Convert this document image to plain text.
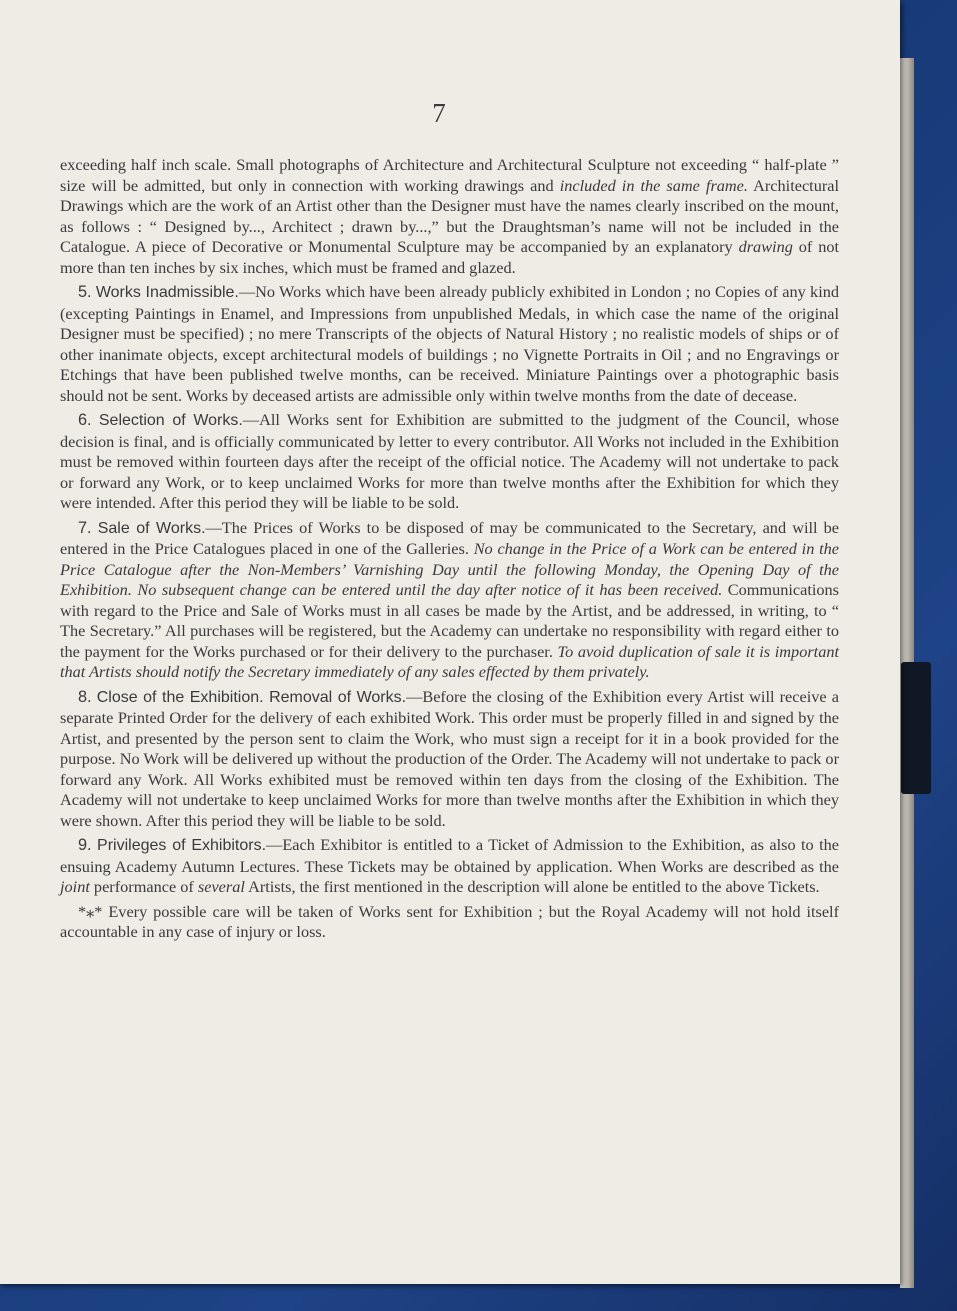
7

exceeding half inch scale. Small photographs of Architecture and Architectural Sculpture not exceeding “ half-plate ” size will be admitted, but only in connection with working drawings and included in the same frame. Architectural Drawings which are the work of an Artist other than the Designer must have the names clearly inscribed on the mount, as follows : “ Designed by..., Architect ; drawn by...,” but the Draughtsman’s name will not be included in the Catalogue. A piece of Decorative or Monumental Sculpture may be accompanied by an explanatory drawing of not more than ten inches by six inches, which must be framed and glazed.

5. Works Inadmissible.—No Works which have been already publicly exhibited in London ; no Copies of any kind (excepting Paintings in Enamel, and Impressions from unpublished Medals, in which case the name of the original Designer must be specified) ; no mere Transcripts of the objects of Natural History ; no realistic models of ships or of other inanimate objects, except architectural models of buildings ; no Vignette Portraits in Oil ; and no Engravings or Etchings that have been published twelve months, can be received. Miniature Paintings over a photographic basis should not be sent. Works by deceased artists are admissible only within twelve months from the date of decease.

6. Selection of Works.—All Works sent for Exhibition are submitted to the judgment of the Council, whose decision is final, and is officially communicated by letter to every contributor. All Works not included in the Exhibition must be removed within fourteen days after the receipt of the official notice. The Academy will not undertake to pack or forward any Work, or to keep unclaimed Works for more than twelve months after the Exhibition for which they were intended. After this period they will be liable to be sold.

7. Sale of Works.—The Prices of Works to be disposed of may be communicated to the Secretary, and will be entered in the Price Catalogues placed in one of the Galleries. No change in the Price of a Work can be entered in the Price Catalogue after the Non-Members’ Varnishing Day until the following Monday, the Opening Day of the Exhibition. No subsequent change can be entered until the day after notice of it has been received. Communications with regard to the Price and Sale of Works must in all cases be made by the Artist, and be addressed, in writing, to “ The Secretary.” All purchases will be registered, but the Academy can undertake no responsibility with regard either to the payment for the Works purchased or for their delivery to the purchaser. To avoid duplication of sale it is important that Artists should notify the Secretary immediately of any sales effected by them privately.

8. Close of the Exhibition. Removal of Works.—Before the closing of the Exhibition every Artist will receive a separate Printed Order for the delivery of each exhibited Work. This order must be properly filled in and signed by the Artist, and presented by the person sent to claim the Work, who must sign a receipt for it in a book provided for the purpose. No Work will be delivered up without the production of the Order. The Academy will not undertake to pack or forward any Work. All Works exhibited must be removed within ten days from the closing of the Exhibition. The Academy will not undertake to keep unclaimed Works for more than twelve months after the Exhibition in which they were shown. After this period they will be liable to be sold.

9. Privileges of Exhibitors.—Each Exhibitor is entitled to a Ticket of Admission to the Exhibition, as also to the ensuing Academy Autumn Lectures. These Tickets may be obtained by application. When Works are described as the joint performance of several Artists, the first mentioned in the description will alone be entitled to the above Tickets.

*⁎* Every possible care will be taken of Works sent for Exhibition ; but the Royal Academy will not hold itself accountable in any case of injury or loss.
